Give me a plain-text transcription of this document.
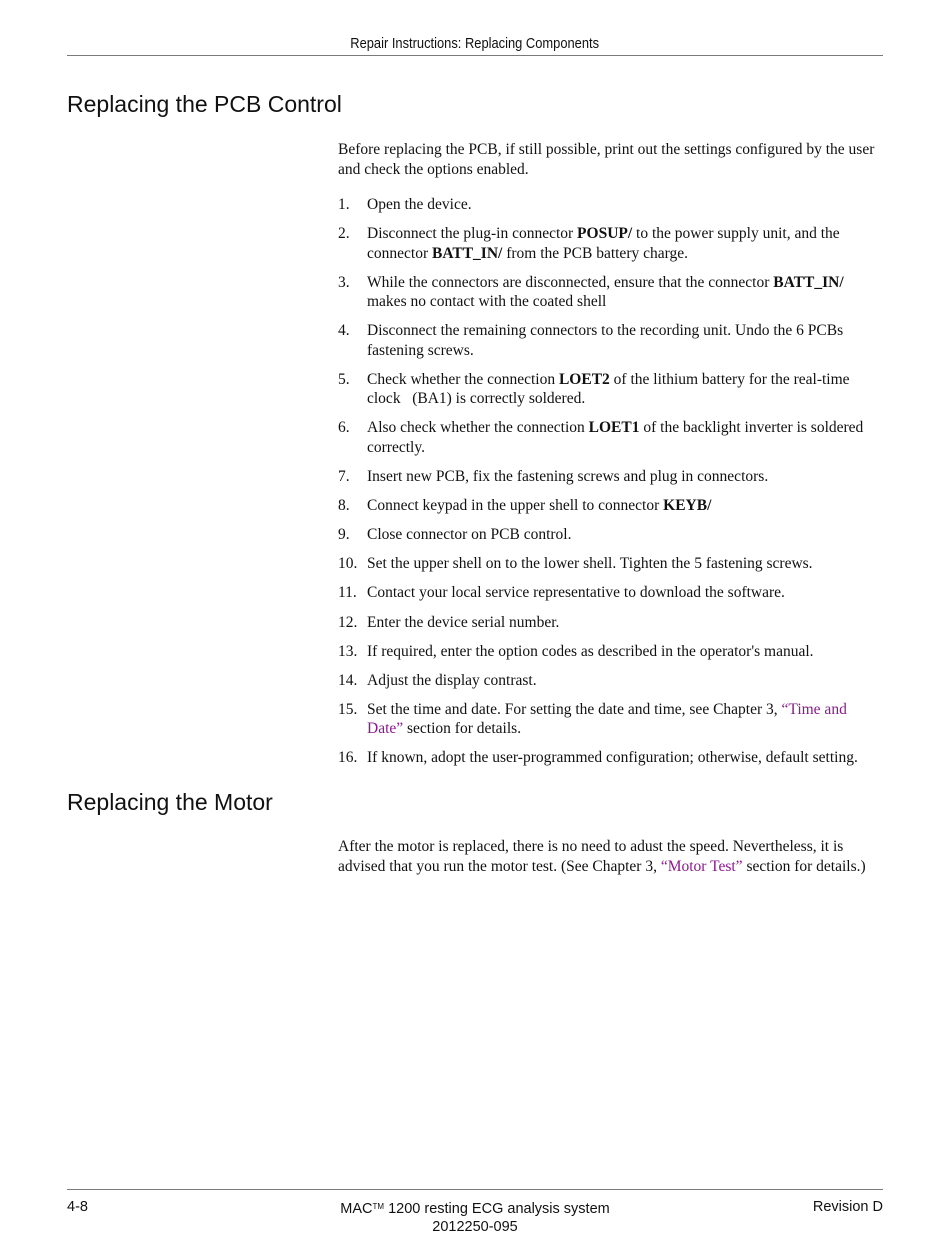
Repair Instructions: Replacing Components
Replacing the PCB Control

Before replacing the PCB, if still possible, print out the settings configured by the user and check the options enabled.

1. Open the device.
2. Disconnect the plug-in connector POSUP/ to the power supply unit, and the connector BATT_IN/ from the PCB battery charge.
3. While the connectors are disconnected, ensure that the connector BATT_IN/ makes no contact with the coated shell
4. Disconnect the remaining connectors to the recording unit. Undo the 6 PCBs fastening screws.
5. Check whether the connection LOET2 of the lithium battery for the real-time clock   (BA1) is correctly soldered.
6. Also check whether the connection LOET1 of the backlight inverter is soldered correctly.
7. Insert new PCB, fix the fastening screws and plug in connectors.
8. Connect keypad in the upper shell to connector KEYB/
9. Close connector on PCB control.
10. Set the upper shell on to the lower shell. Tighten the 5 fastening screws.
11. Contact your local service representative to download the software.
12. Enter the device serial number.
13. If required, enter the option codes as described in the operator's manual.
14. Adjust the display contrast.
15. Set the time and date. For setting the date and time, see Chapter 3, “Time and Date” section for details.
16. If known, adopt the user-programmed configuration; otherwise, default setting.
Replacing the Motor

After the motor is replaced, there is no need to adust the speed. Nevertheless, it is advised that you run the motor test. (See Chapter 3, “Motor Test” section for details.)

4-8	MAC™ 1200 resting ECG analysis system
2012250-095
Revision D
